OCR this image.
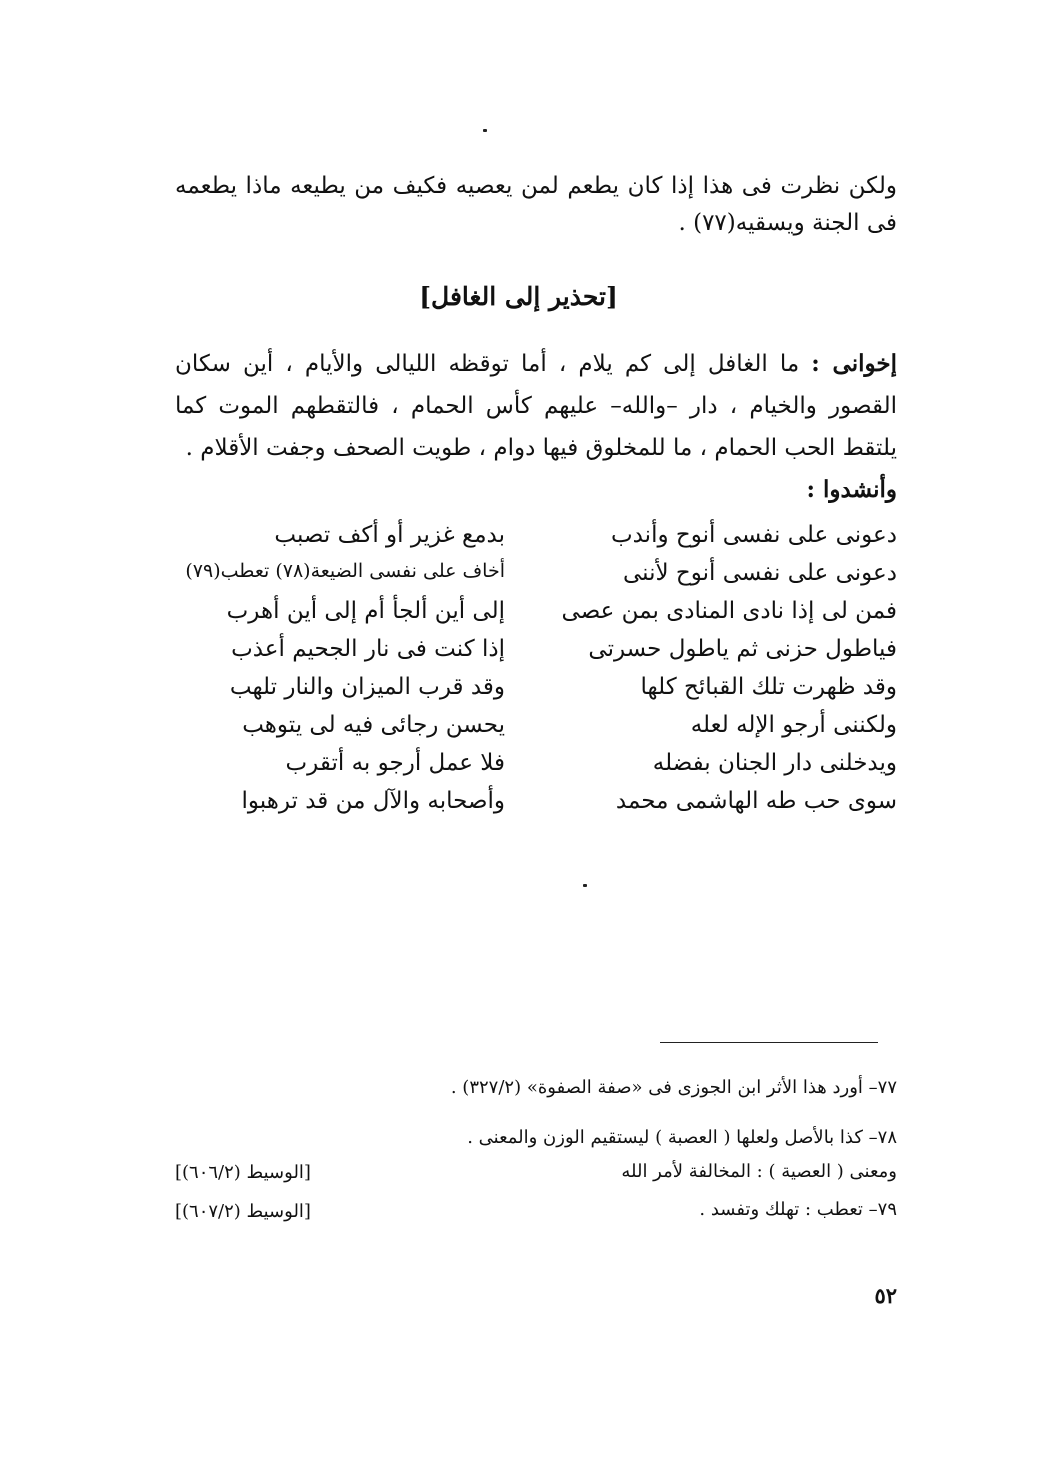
ولكن نظرت فى هذا إذا كان يطعم لمن يعصيه فكيف من يطيعه ماذا يطعمه فى الجنة ويسقيه(٧٧) .
[تحذير إلى الغافل]
إخوانى : ما الغافل إلى كم يلام ، أما توقظه الليالى والأيام ، أين سكان القصور والخيام ، دار –والله– عليهم كأس الحمام ، فالتقطهم الموت كما يلتقط الحب الحمام ، ما للمخلوق فيها دوام ، طويت الصحف وجفت الأقلام .
وأنشدوا :
دعونى على نفسى أنوح وأندب
بدمع غزير أو أكف تصبب
دعونى على نفسى أنوح لأننى
أخاف على نفسى الضيعة(٧٨) تعطب(٧٩)
فمن لى إذا نادى المنادى بمن عصى
إلى أين ألجأ أم إلى أين أهرب
فياطول حزنى ثم ياطول حسرتى
إذا كنت فى نار الجحيم أعذب
وقد ظهرت تلك القبائح كلها
وقد قرب الميزان والنار تلهب
ولكننى أرجو الإله لعله
يحسن رجائى فيه لى يتوهب
ويدخلنى دار الجنان بفضله
فلا عمل أرجو به أتقرب
سوى حب طه الهاشمى محمد
وأصحابه والآل من قد ترهبوا
٧٧– أورد هذا الأثر ابن الجوزى فى «صفة الصفوة» (٣٢٧/٢) .
٧٨– كذا بالأصل ولعلها ( العصبة ) ليستقيم الوزن والمعنى .
ومعنى ( العصية ) : المخالفة لأمر الله
[الوسيط (٦٠٦/٢)]
٧٩– تعطب : تهلك وتفسد .
[الوسيط (٦٠٧/٢)]
٥٢
